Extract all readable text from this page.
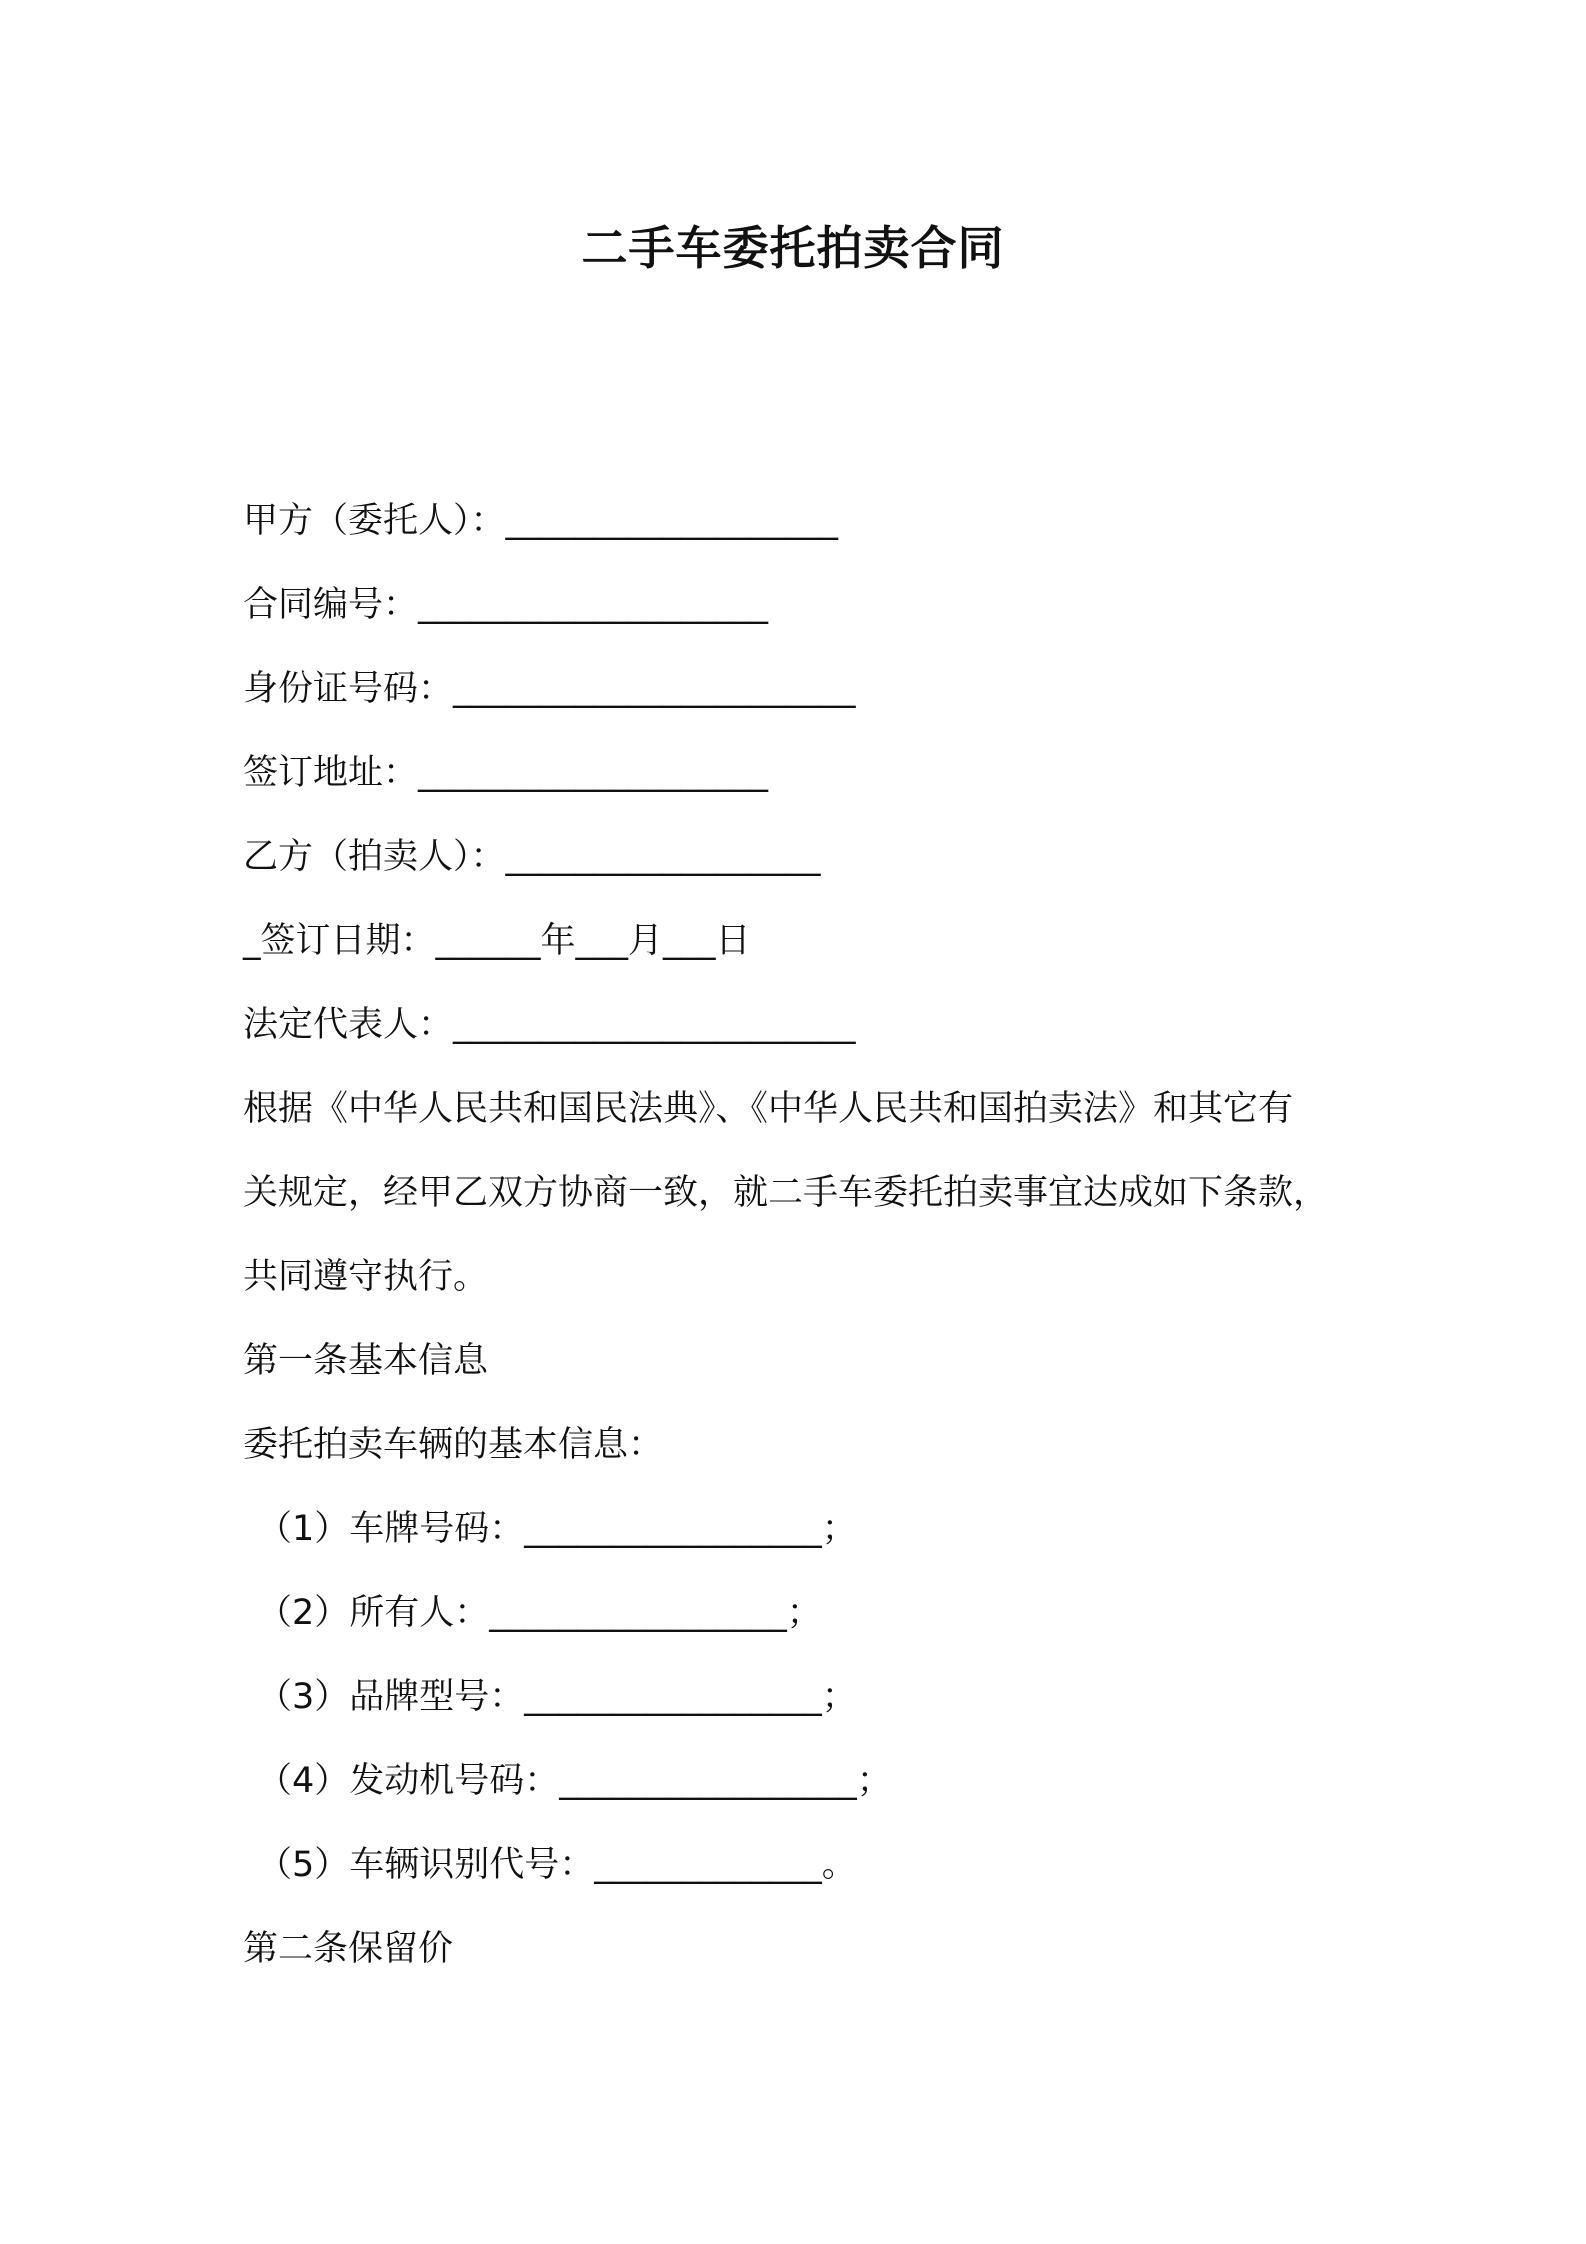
二手车委托拍卖合同
甲方（委托人）：___________________
合同编号：____________________
身份证号码：_______________________
签订地址：____________________
乙方（拍卖人）：__________________
_签订日期：______年___月___日
法定代表人：_______________________
根据《中华人民共和国民法典》、《中华人民共和国拍卖法》和其它有
关规定，经甲乙双方协商一致，就二手车委托拍卖事宜达成如下条款，
共同遵守执行。
第一条基本信息
委托拍卖车辆的基本信息：
（1）车牌号码：_________________；
（2）所有人：_________________；
（3）品牌型号：_________________；
（4）发动机号码：_________________；
（5）车辆识别代号：_____________。
第二条保留价
